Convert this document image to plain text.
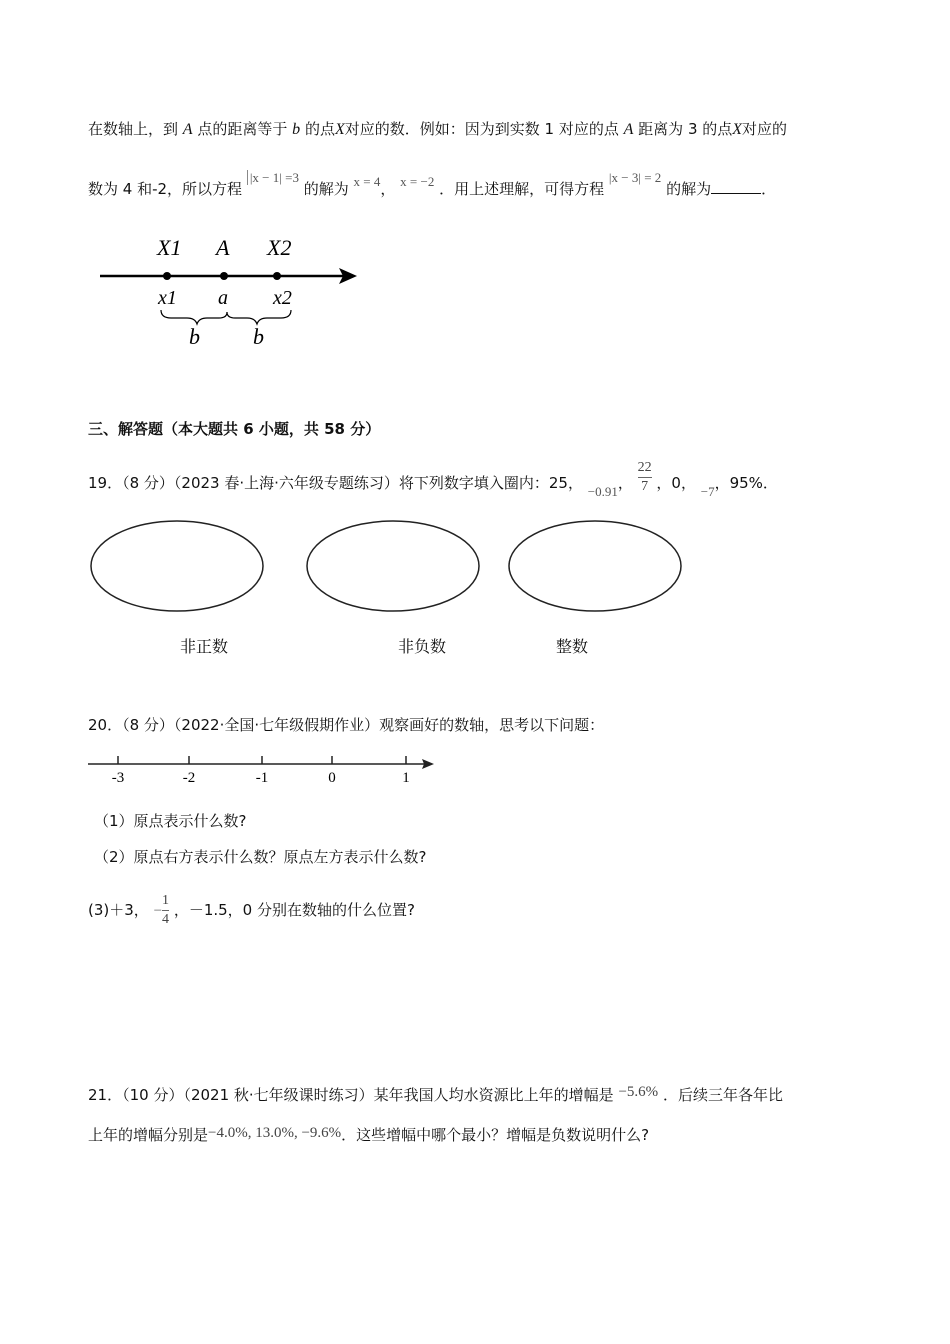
在数轴上，到 A 点的距离等于 b 的点X对应的数．例如：因为到实数 1 对应的点 A 距离为 3 的点X对应的
数为 4 和-2，所以方程 |x − 1| =3 的解为 x = 4， x = −2 ．用上述理解，可得方程 |x − 3| = 2 的解为	．
X1 A X2
x1 a x2
b b
三、解答题（本大题共 6 小题，共 58 分）
19．（8 分）（2023 春·上海·六年级专题练习）将下列数字填入圈内：25， −0.91， $\frac{22}{7}$ ，0， −7，95%．
非正数	非负数	整数
20．（8 分）（2022·全国·七年级假期作业）观察画好的数轴，思考以下问题：
-3	-2	-1	0	1
（1）原点表示什么数?
（2）原点右方表示什么数？原点左方表示什么数?
(3)＋3， − $\frac{1}{4}$ ，－1.5，0 分别在数轴的什么位置?
21．（10 分）（2021 秋·七年级课时练习）某年我国人均水资源比上年的增幅是 −5.6% ．后续三年各年比
上年的增幅分别是−4.0%, 13.0%, −9.6%．这些增幅中哪个最小？增幅是负数说明什么?
